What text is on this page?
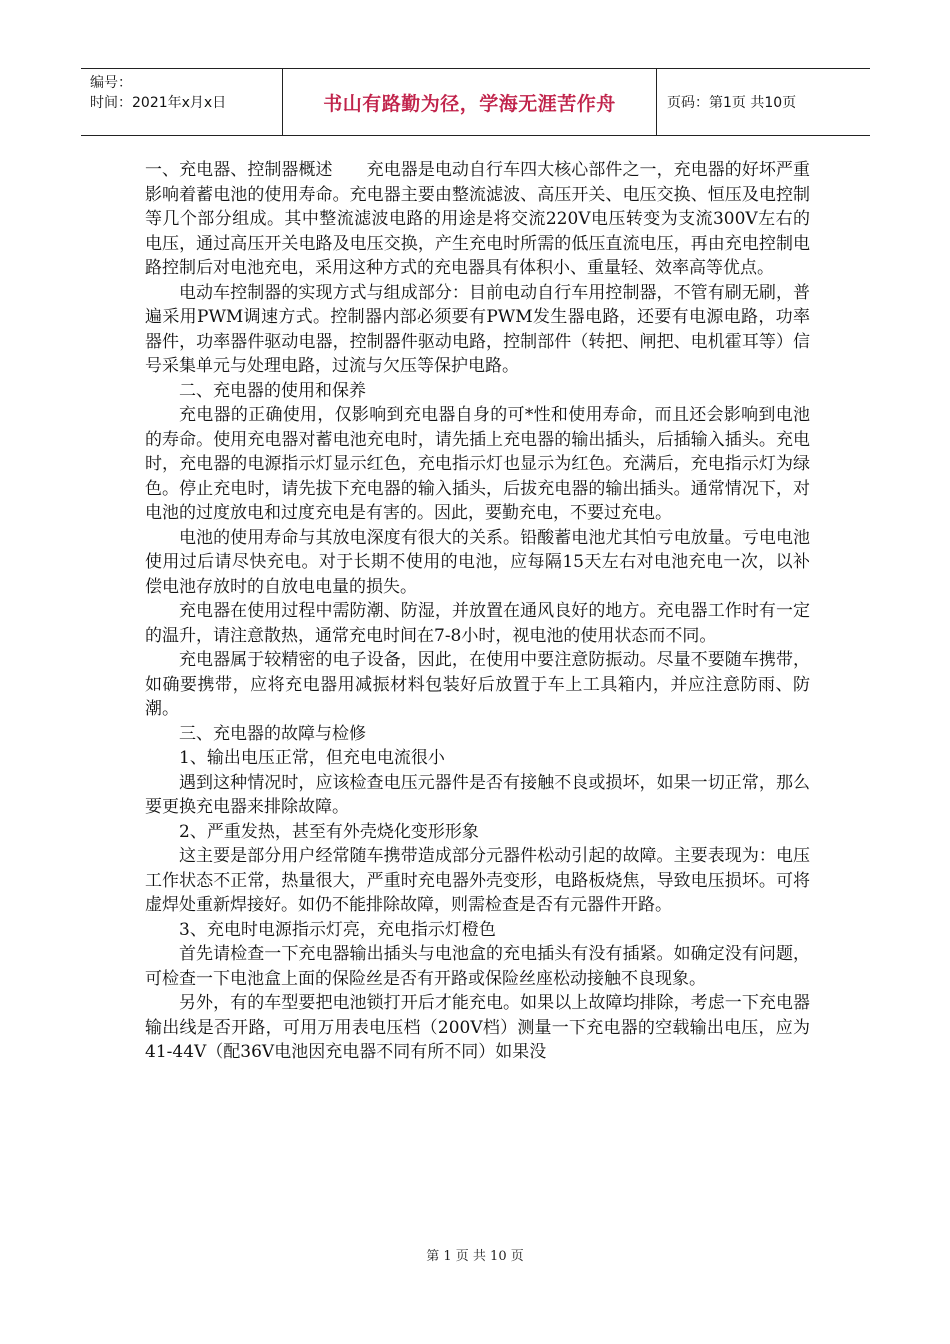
编号：
时间：2021年x月x日	书山有路勤为径，学海无涯苦作舟	页码：第1页 共10页

一、充电器、控制器概述 充电器是电动自行车四大核心部件之一，充电器的好坏严重影响着蓄电池的使用寿命。充电器主要由整流滤波、高压开关、电压交换、恒压及电控制等几个部分组成。其中整流滤波电路的用途是将交流220V电压转变为支流300V左右的电压，通过高压开关电路及电压交换，产生充电时所需的低压直流电压，再由充电控制电路控制后对电池充电，采用这种方式的充电器具有体积小、重量轻、效率高等优点。

电动车控制器的实现方式与组成部分：目前电动自行车用控制器，不管有刷无刷，普遍采用PWM调速方式。控制器内部必须要有PWM发生器电路，还要有电源电路，功率器件，功率器件驱动电器，控制器件驱动电路，控制部件（转把、闸把、电机霍耳等）信号采集单元与处理电路，过流与欠压等保护电路。

二、充电器的使用和保养

充电器的正确使用，仅影响到充电器自身的可*性和使用寿命，而且还会影响到电池的寿命。使用充电器对蓄电池充电时，请先插上充电器的输出插头，后插输入插头。充电时，充电器的电源指示灯显示红色，充电指示灯也显示为红色。充满后，充电指示灯为绿色。停止充电时，请先拔下充电器的输入插头，后拔充电器的输出插头。通常情况下，对电池的过度放电和过度充电是有害的。因此，要勤充电，不要过充电。

电池的使用寿命与其放电深度有很大的关系。铅酸蓄电池尤其怕亏电放量。亏电电池使用过后请尽快充电。对于长期不使用的电池，应每隔15天左右对电池充电一次，以补偿电池存放时的自放电电量的损失。

充电器在使用过程中需防潮、防湿，并放置在通风良好的地方。充电器工作时有一定的温升，请注意散热，通常充电时间在7-8小时，视电池的使用状态而不同。

充电器属于较精密的电子设备，因此，在使用中要注意防振动。尽量不要随车携带，如确要携带，应将充电器用减振材料包装好后放置于车上工具箱内，并应注意防雨、防潮。

三、充电器的故障与检修

1、输出电压正常，但充电电流很小

遇到这种情况时，应该检查电压元器件是否有接触不良或损坏，如果一切正常，那么要更换充电器来排除故障。

2、严重发热，甚至有外壳烧化变形形象

这主要是部分用户经常随车携带造成部分元器件松动引起的故障。主要表现为：电压工作状态不正常，热量很大，严重时充电器外壳变形，电路板烧焦，导致电压损坏。可将虚焊处重新焊接好。如仍不能排除故障，则需检查是否有元器件开路。

3、充电时电源指示灯亮，充电指示灯橙色

首先请检查一下充电器输出插头与电池盒的充电插头有没有插紧。如确定没有问题，可检查一下电池盒上面的保险丝是否有开路或保险丝座松动接触不良现象。

另外，有的车型要把电池锁打开后才能充电。如果以上故障均排除，考虑一下充电器输出线是否开路，可用万用表电压档（200V档）测量一下充电器的空载输出电压，应为41-44V（配36V电池因充电器不同有所不同）如果没

第 1 页 共 10 页
